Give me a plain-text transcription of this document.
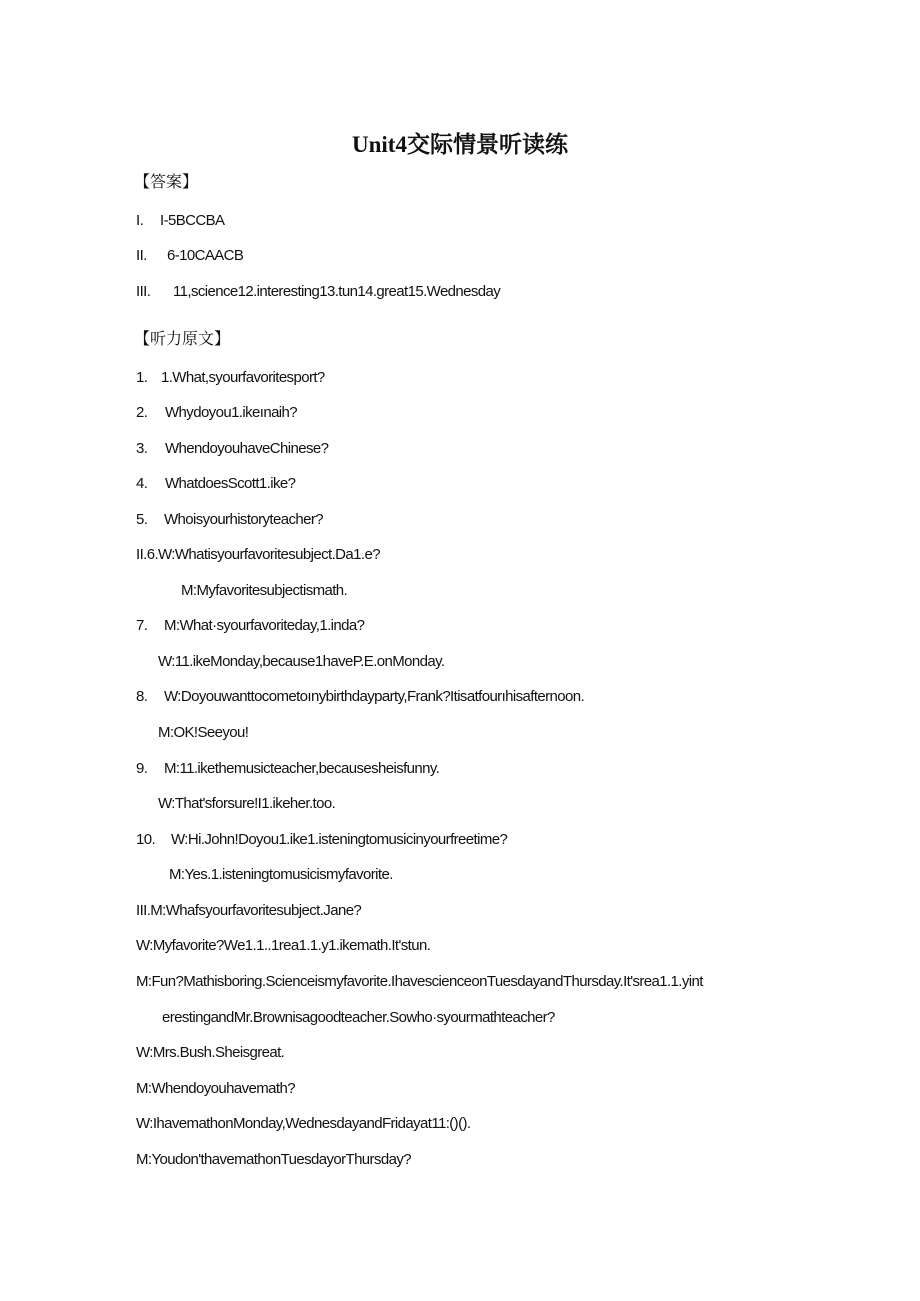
Unit4交际情景听读练
【答案】
I. I-5BCCBA
II. 6-10CAACB
III. 11,science12.interesting13.tun14.great15.Wednesday
【听力原文】
1. 1.What,syourfavoritesport?
2. Whydoyou1.ikeınaih?
3. WhendoyouhaveChinese?
4. WhatdoesScott1.ike?
5. Whoisyourhistoryteacher?
II.6.W:Whatisyourfavoritesubject.Da1.e?
M:Myfavoritesubjectismath.
7. M:What·syourfavoriteday,1.inda?
W:11.ikeMonday,because1haveP.E.onMonday.
8. W:Doyouwanttocometoınybirthdayparty,Frank?Itisatfourıhisafternoon.
M:OK!Seeyou!
9. M:11.ikethemusicteacher,becausesheisfunny.
W:That'sforsure!I1.ikeher.too.
10. W:Hi.John!Doyou1.ike1.isteningtomusicinyourfreetime?
M:Yes.1.isteningtomusicismyfavorite.
III.M:Whafsyourfavoritesubject.Jane?
W:Myfavorite?We1.1..1rea1.1.y1.ikemath.It'stun.
M:Fun?Mathisboring.Scienceismyfavorite.IhavescienceonTuesdayandThursday.It'srea1.1.yint
erestingandMr.Brownisagoodteacher.Sowho·syourmathteacher?
W:Mrs.Bush.Sheisgreat.
M:Whendoyouhavemath?
W:IhavemathonMonday,WednesdayandFridayat11:()().
M:Youdon'thavemathonTuesdayorThursday?
